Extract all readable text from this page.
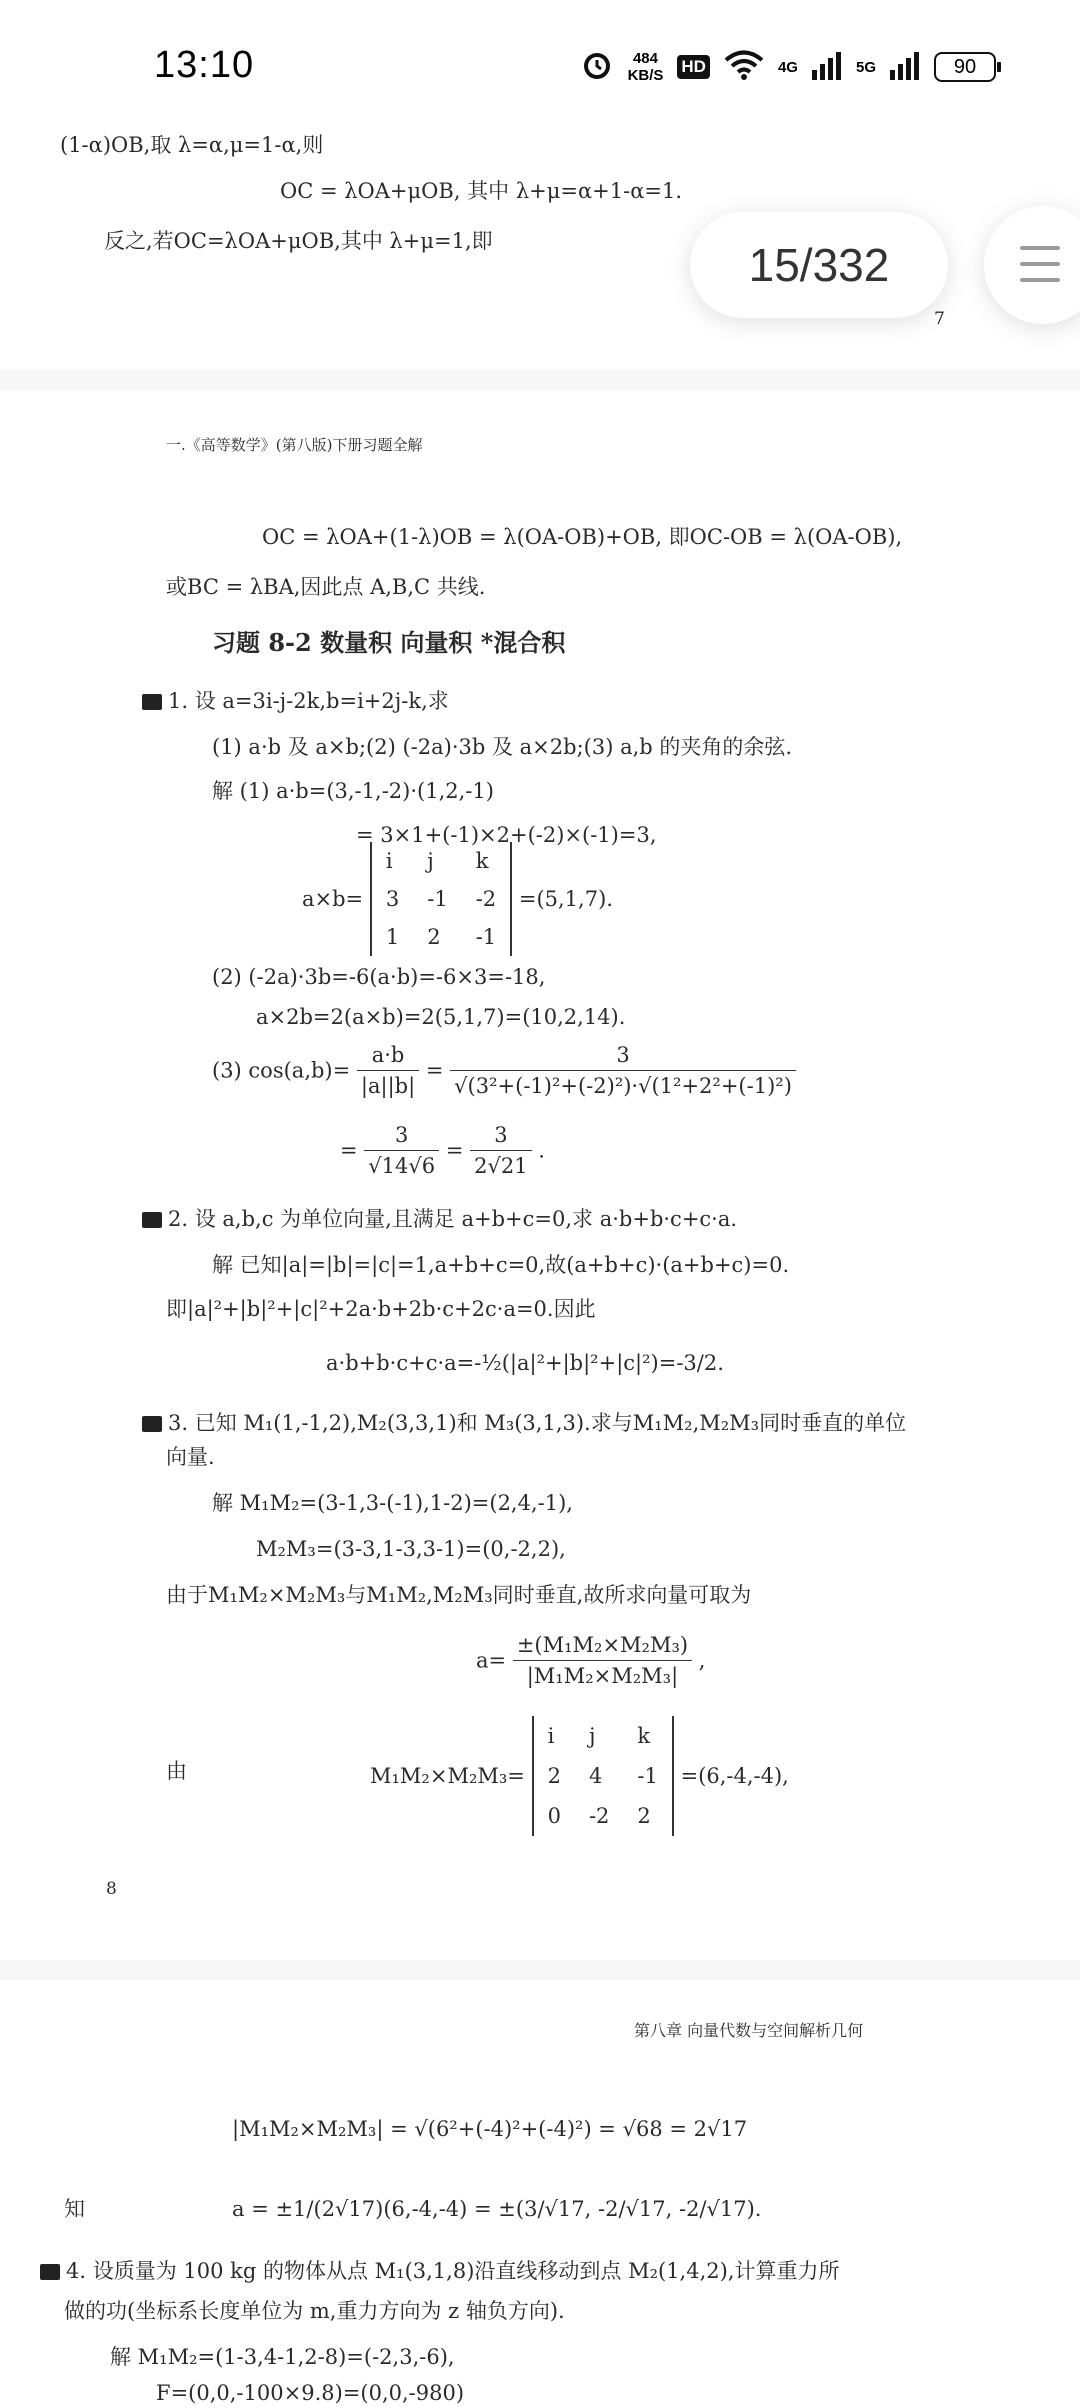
13:10	484
KB/S HD	4G	5G	90
(1-α)OB,取 λ=α,μ=1-α,则
OC = λOA+μOB, 其中 λ+μ=α+1-α=1.
反之,若OC=λOA+μOB,其中 λ+μ=1,即
7
一.《高等数学》(第八版)下册习题全解
OC = λOA+(1-λ)OB = λ(OA-OB)+OB, 即OC-OB = λ(OA-OB),
或BC = λBA,因此点 A,B,C 共线.
习题 8-2 数量积 向量积 *混合积
1. 设 a=3i-j-2k,b=i+2j-k,求
(1) a·b 及 a×b;(2) (-2a)·3b 及 a×2b;(3) a,b 的夹角的余弦.
解 (1) a·b=(3,-1,-2)·(1,2,-1)
= 3×1+(-1)×2+(-2)×(-1)=3,
a×b=
i	j	k
3	-1	-2
1	2	-1
=(5,1,7).
(2) (-2a)·3b=-6(a·b)=-6×3=-18,
a×2b=2(a×b)=2(5,1,7)=(10,2,14).
(3) $\cos(a,b)= \frac{a\cdot b}{|a||b|} = \frac{3}{\text{√(3²+(-1)²+(-2)²)·√(1²+2²+(-1)²)}}$
= $\frac{3}{√14√6} = \frac{3}{2√21}$ .
2. 设 a,b,c 为单位向量,且满足 a+b+c=0,求 a·b+b·c+c·a.
解 已知|a|=|b|=|c|=1,a+b+c=0,故(a+b+c)·(a+b+c)=0.
即|a|²+|b|²+|c|²+2a·b+2b·c+2c·a=0.因此
a·b+b·c+c·a=-½(|a|²+|b|²+|c|²)=-3/2.
3. 已知 M₁(1,-1,2),M₂(3,3,1)和 M₃(3,1,3).求与M₁M₂,M₂M₃同时垂直的单位
向量.
解 M₁M₂=(3-1,3-(-1),1-2)=(2,4,-1),
M₂M₃=(3-3,1-3,3-1)=(0,-2,2),
由于M₁M₂×M₂M₃与M₁M₂,M₂M₃同时垂直,故所求向量可取为
$a= \frac{\text{±(M₁M₂×M₂M₃)}}{\text{|M₁M₂×M₂M₃|}}$ ,
由	M₁M₂×M₂M₃=
i	j	k
2	4	-1
0	-2	2
=(6,-4,-4),
8
第八章 向量代数与空间解析几何
|M₁M₂×M₂M₃| = √(6²+(-4)²+(-4)²) = √68 = 2√17
知	a = ±1/(2√17)(6,-4,-4) = ±(3/√17, -2/√17, -2/√17).
4. 设质量为 100 kg 的物体从点 M₁(3,1,8)沿直线移动到点 M₂(1,4,2),计算重力所
做的功(坐标系长度单位为 m,重力方向为 z 轴负方向).
解 M₁M₂=(1-3,4-1,2-8)=(-2,3,-6),
F=(0,0,-100×9.8)=(0,0,-980)
15/332
